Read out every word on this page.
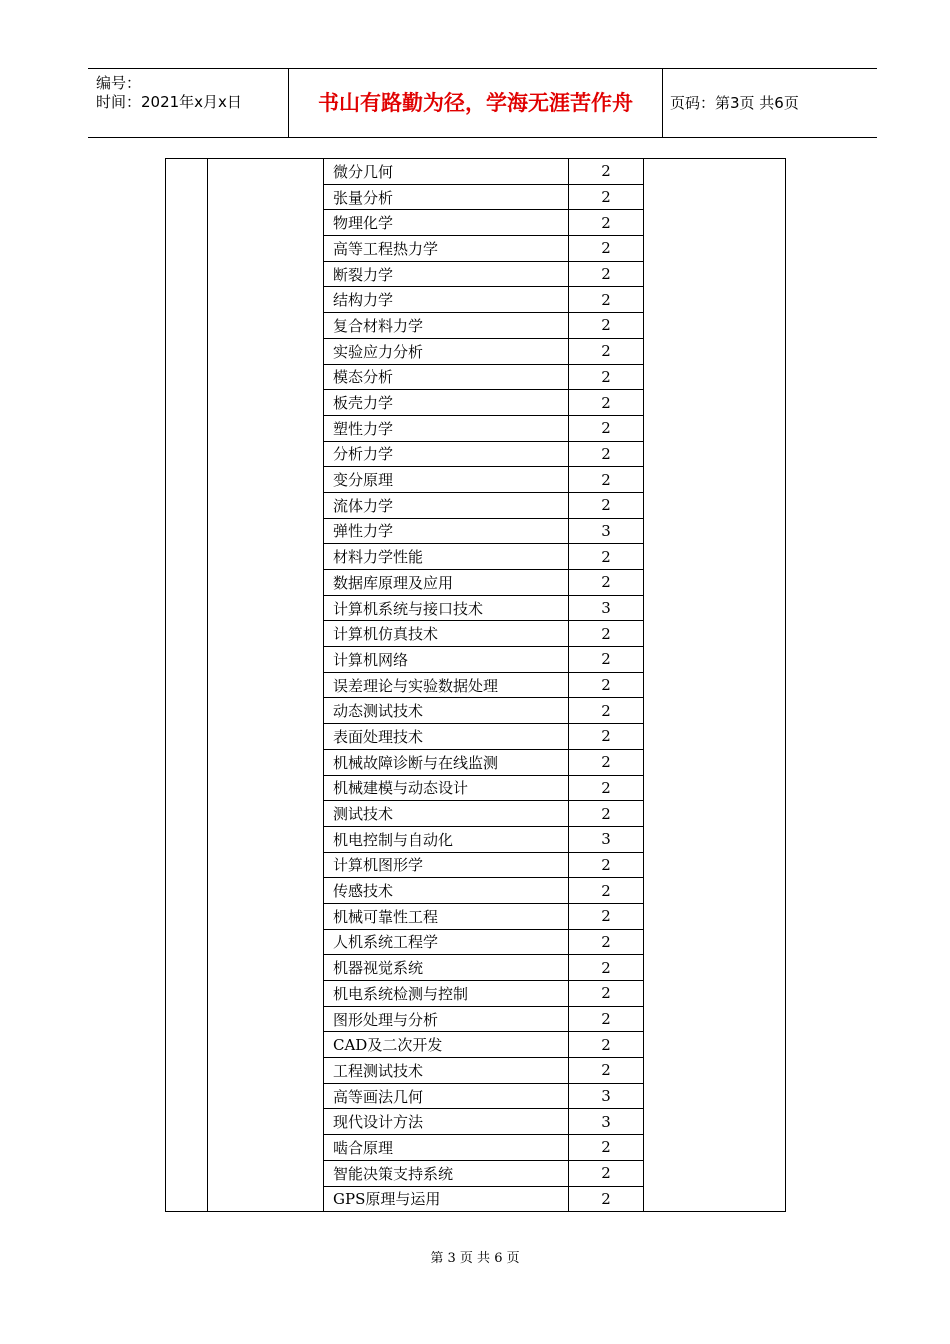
编号：
时间：2021年x月x日	书山有路勤为径，学海无涯苦作舟	页码：第3页 共6页
		微分几何	2	
		张量分析	2	
		物理化学	2	
		高等工程热力学	2	
		断裂力学	2	
		结构力学	2	
		复合材料力学	2	
		实验应力分析	2	
		模态分析	2	
		板壳力学	2	
		塑性力学	2	
		分析力学	2	
		变分原理	2	
		流体力学	2	
		弹性力学	3	
		材料力学性能	2	
		数据库原理及应用	2	
		计算机系统与接口技术	3	
		计算机仿真技术	2	
		计算机网络	2	
		误差理论与实验数据处理	2	
		动态测试技术	2	
		表面处理技术	2	
		机械故障诊断与在线监测	2	
		机械建模与动态设计	2	
		测试技术	2	
		机电控制与自动化	3	
		计算机图形学	2	
		传感技术	2	
		机械可靠性工程	2	
		人机系统工程学	2	
		机器视觉系统	2	
		机电系统检测与控制	2	
		图形处理与分析	2	
		CAD及二次开发	2	
		工程测试技术	2	
		高等画法几何	3	
		现代设计方法	3	
		啮合原理	2	
		智能决策支持系统	2	
		GPS原理与运用	2	
第 3 页 共 6 页
